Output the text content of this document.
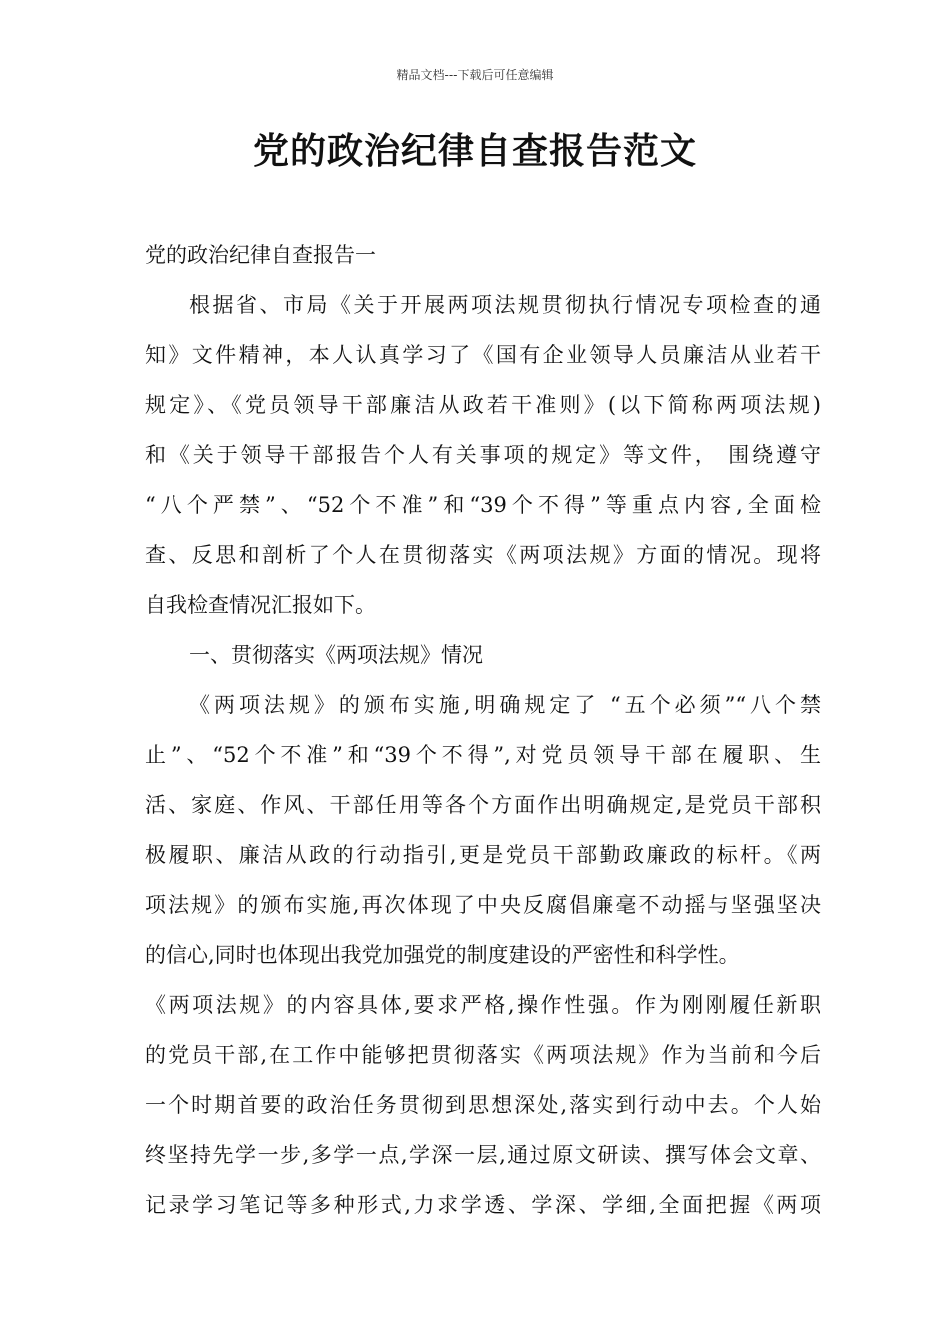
精品文档---下载后可任意编辑
党的政治纪律自查报告范文
党的政治纪律自查报告一
根据省、市局《关于开展两项法规贯彻执行情况专项检查的通
知》文件精神，本人认真学习了《国有企业领导人员廉洁从业若干
规定》、《党员领导干部廉洁从政若干准则》(以下简称两项法规)
和《关于领导干部报告个人有关事项的规定》等文件， 围绕遵守
“八个严禁”、“52个不准”和“39个不得”等重点内容,全面检
查、反思和剖析了个人在贯彻落实《两项法规》方面的情况。现将
自我检查情况汇报如下。
一、贯彻落实《两项法规》情况
《两项法规》的颁布实施,明确规定了 “五个必须”“八个禁
止”、“52个不准”和“39个不得”,对党员领导干部在履职、生
活、家庭、作风、干部任用等各个方面作出明确规定,是党员干部积
极履职、廉洁从政的行动指引,更是党员干部勤政廉政的标杆。《两
项法规》的颁布实施,再次体现了中央反腐倡廉毫不动摇与坚强坚决
的信心,同时也体现出我党加强党的制度建设的严密性和科学性。
《两项法规》的内容具体,要求严格,操作性强。作为刚刚履任新职
的党员干部,在工作中能够把贯彻落实《两项法规》作为当前和今后
一个时期首要的政治任务贯彻到思想深处,落实到行动中去。个人始
终坚持先学一步,多学一点,学深一层,通过原文研读、撰写体会文章、
记录学习笔记等多种形式,力求学透、学深、学细,全面把握《两项
